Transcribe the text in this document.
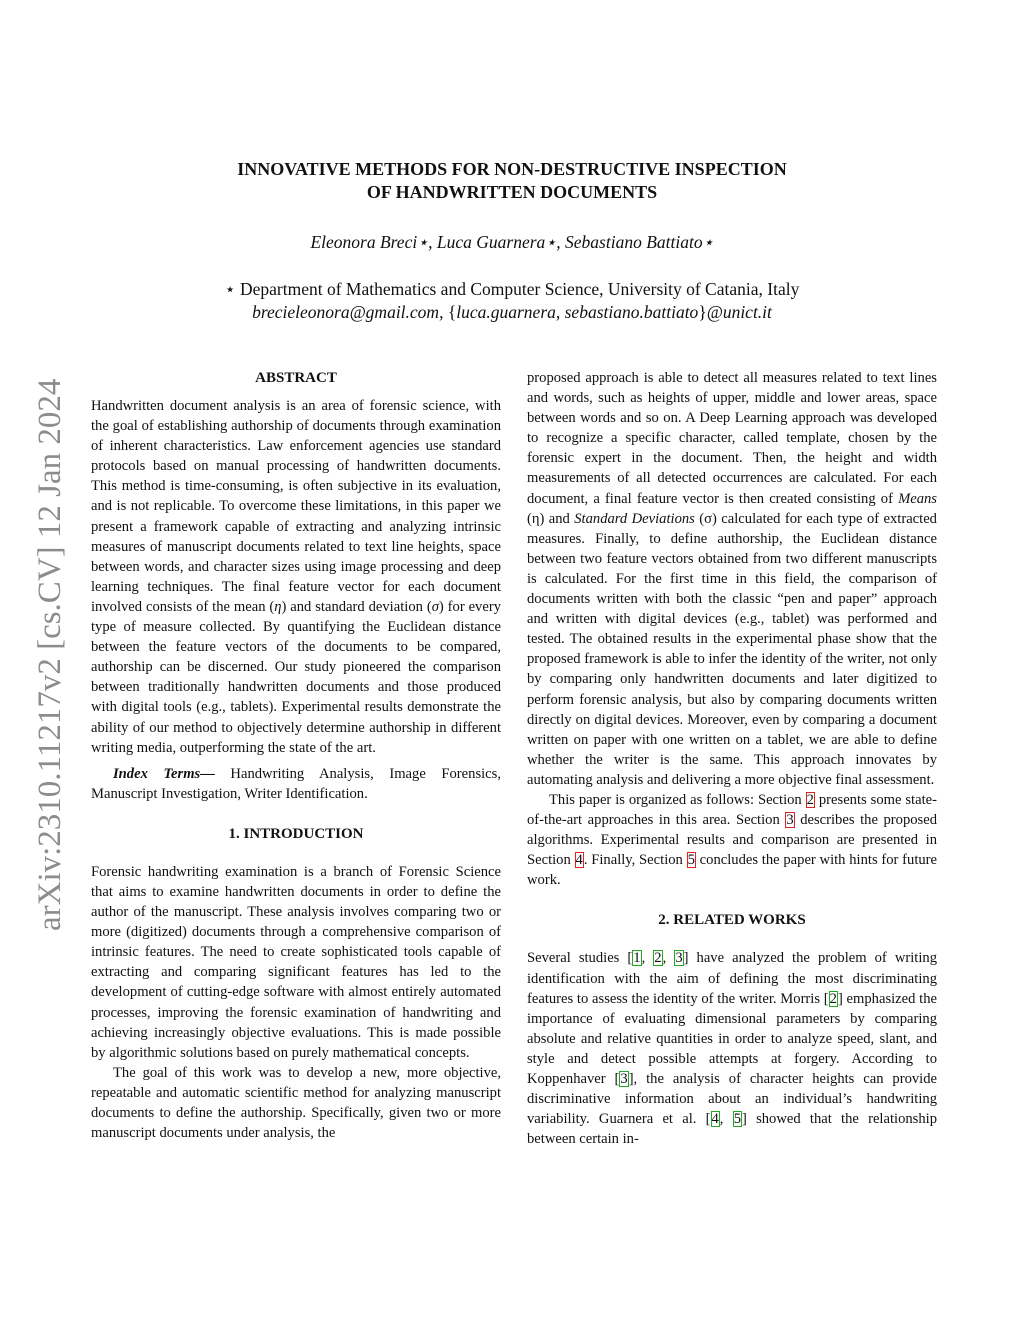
arXiv:2310.11217v2 [cs.CV] 12 Jan 2024
INNOVATIVE METHODS FOR NON-DESTRUCTIVE INSPECTION
OF HANDWRITTEN DOCUMENTS
Eleonora Breci⋆, Luca Guarnera⋆, Sebastiano Battiato⋆
⋆ Department of Mathematics and Computer Science, University of Catania, Italy
brecieleonora@gmail.com, {luca.guarnera, sebastiano.battiato}@unict.it
ABSTRACT

Handwritten document analysis is an area of forensic science, with the goal of establishing authorship of documents through examination of inherent characteristics. Law enforcement agencies use standard protocols based on manual processing of handwritten documents. This method is time-consuming, is often subjective in its evaluation, and is not replicable. To overcome these limitations, in this paper we present a framework capable of extracting and analyzing intrinsic measures of manuscript documents related to text line heights, space between words, and character sizes using image processing and deep learning techniques. The final feature vector for each document involved consists of the mean (η) and standard deviation (σ) for every type of measure collected. By quantifying the Euclidean distance between the feature vectors of the documents to be compared, authorship can be discerned. Our study pioneered the comparison between traditionally handwritten documents and those produced with digital tools (e.g., tablets). Experimental results demonstrate the ability of our method to objectively determine authorship in different writing media, outperforming the state of the art.

Index Terms— Handwriting Analysis, Image Forensics, Manuscript Investigation, Writer Identification.

1. INTRODUCTION

Forensic handwriting examination is a branch of Forensic Science that aims to examine handwritten documents in order to define the author of the manuscript. These analysis involves comparing two or more (digitized) documents through a comprehensive comparison of intrinsic features. The need to create sophisticated tools capable of extracting and comparing significant features has led to the development of cutting-edge software with almost entirely automated processes, improving the forensic examination of handwriting and achieving increasingly objective evaluations. This is made possible by algorithmic solutions based on purely mathematical concepts.

The goal of this work was to develop a new, more objective, repeatable and automatic scientific method for analyzing manuscript documents to define the authorship. Specifically, given two or more manuscript documents under analysis, the

proposed approach is able to detect all measures related to text lines and words, such as heights of upper, middle and lower areas, space between words and so on. A Deep Learning approach was developed to recognize a specific character, called template, chosen by the forensic expert in the document. Then, the height and width measurements of all detected occurrences are calculated. For each document, a final feature vector is then created consisting of Means (η) and Standard Deviations (σ) calculated for each type of extracted measures. Finally, to define authorship, the Euclidean distance between two feature vectors obtained from two different manuscripts is calculated. For the first time in this field, the comparison of documents written with both the classic “pen and paper” approach and written with digital devices (e.g., tablet) was performed and tested. The obtained results in the experimental phase show that the proposed framework is able to infer the identity of the writer, not only by comparing only handwritten documents and later digitized to perform forensic analysis, but also by comparing documents written directly on digital devices. Moreover, even by comparing a document written on paper with one written on a tablet, we are able to define whether the writer is the same. This approach innovates by automating analysis and delivering a more objective final assessment.

This paper is organized as follows: Section 2 presents some state-of-the-art approaches in this area. Section 3 describes the proposed algorithms. Experimental results and comparison are presented in Section 4. Finally, Section 5 concludes the paper with hints for future work.

2. RELATED WORKS

Several studies [1, 2, 3] have analyzed the problem of writing identification with the aim of defining the most discriminating features to assess the identity of the writer. Morris [2] emphasized the importance of evaluating dimensional parameters by comparing absolute and relative quantities in order to analyze speed, slant, and style and detect possible attempts at forgery. According to Koppenhaver [3], the analysis of character heights can provide discriminative information about an individual’s handwriting variability. Guarnera et al. [4, 5] showed that the relationship between certain in-
